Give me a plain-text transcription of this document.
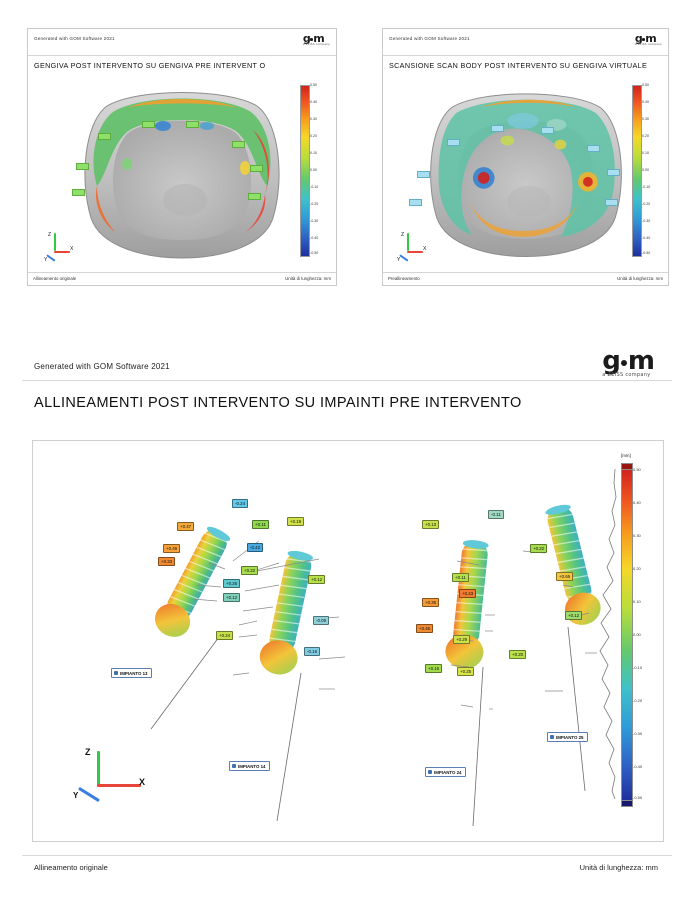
Generated with GOM Software 2021	g m
a ZEISS company
GENGIVA POST INTERVENTO SU GENGIVA PRE INTERVENT O
Z
X
Y
0.50
0.40
0.30
0.20
0.10
0.00
-0.10
-0.20
-0.30
-0.40
-0.50
Allineamento originale	Unità di lunghezza: mm
Generated with GOM Software 2021	g m
a ZEISS company
SCANSIONE SCAN BODY POST INTERVENTO SU GENGIVA VIRTUALE
Z
X
Y
0.50
0.40
0.30
0.20
0.10
0.00
-0.10
-0.20
-0.30
-0.40
-0.50
Preallineamento	Unità di lunghezza: mm
Generated with GOM Software 2021	g m
a ZEISS company
ALLINEAMENTI POST INTERVENTO SU IMPAINTI PRE INTERVENTO
-0.24
+0.47	+0.11
+0.19
+0.49	-0.42
+0.33
+0.22
+0.26
+0.12
+0.12
-0.09
+0.24
-0.16
+0.13
-0.11
+0.22
+0.11	+0.65
+0.36
+0.43
+0.12
+0.46
+0.29
+0.20
+0.16
+0.25
IMPIANTO 13
IMPIANTO 14
IMPIANTO 24
IMPIANTO 25
Z
X
Y
[mm]
0.50
0.40
0.30
0.20
0.10
0.00
-0.10
-0.20
-0.30
-0.40
-0.50
Allineamento originale	Unità di lunghezza: mm
